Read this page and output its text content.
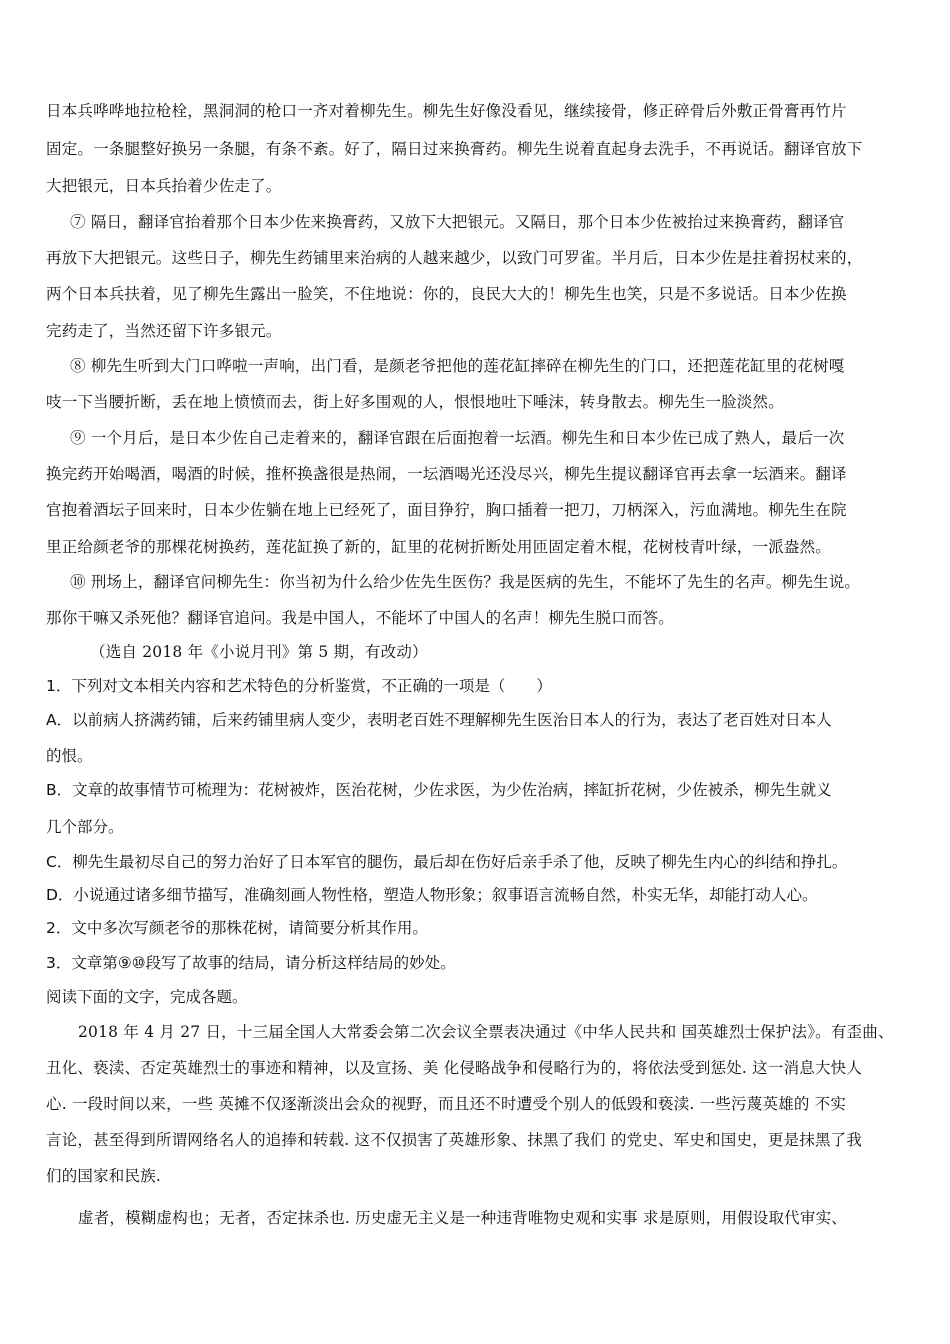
日本兵哗哗地拉枪栓，黑洞洞的枪口一齐对着柳先生。柳先生好像没看见，继续接骨，修正碎骨后外敷正骨膏再竹片
固定。一条腿整好换另一条腿，有条不紊。好了，隔日过来换膏药。柳先生说着直起身去洗手，不再说话。翻译官放下
大把银元，日本兵抬着少佐走了。
⑦ 隔日，翻译官抬着那个日本少佐来换膏药，又放下大把银元。又隔日，那个日本少佐被抬过来换膏药，翻译官
再放下大把银元。这些日子，柳先生药铺里来治病的人越来越少，以致门可罗雀。半月后，日本少佐是拄着拐杖来的，
两个日本兵扶着，见了柳先生露出一脸笑，不住地说：你的，良民大大的！柳先生也笑，只是不多说话。日本少佐换
完药走了，当然还留下许多银元。
⑧ 柳先生听到大门口哗啦一声响，出门看，是颜老爷把他的莲花缸摔碎在柳先生的门口，还把莲花缸里的花树嘎
吱一下当腰折断，丢在地上愤愤而去，街上好多围观的人，恨恨地吐下唾沫，转身散去。柳先生一脸淡然。
⑨ 一个月后，是日本少佐自己走着来的，翻译官跟在后面抱着一坛酒。柳先生和日本少佐已成了熟人，最后一次
换完药开始喝酒，喝酒的时候，推杯换盏很是热闹，一坛酒喝光还没尽兴，柳先生提议翻译官再去拿一坛酒来。翻译
官抱着酒坛子回来时，日本少佐躺在地上已经死了，面目狰狞，胸口插着一把刀，刀柄深入，污血满地。柳先生在院
里正给颜老爷的那棵花树换药，莲花缸换了新的，缸里的花树折断处用匝固定着木棍，花树枝青叶绿，一派盎然。
⑩ 刑场上，翻译官问柳先生：你当初为什么给少佐先生医伤？我是医病的先生，不能坏了先生的名声。柳先生说。
那你干嘛又杀死他？翻译官追问。我是中国人，不能坏了中国人的名声！柳先生脱口而答。
（选自 2018 年《小说月刊》第 5 期，有改动）
1．下列对文本相关内容和艺术特色的分析鉴赏，不正确的一项是（　　）
A．以前病人挤满药铺，后来药铺里病人变少，表明老百姓不理解柳先生医治日本人的行为，表达了老百姓对日本人
的恨。
B．文章的故事情节可梳理为：花树被炸，医治花树，少佐求医，为少佐治病，摔缸折花树，少佐被杀，柳先生就义
几个部分。
C．柳先生最初尽自己的努力治好了日本军官的腿伤，最后却在伤好后亲手杀了他，反映了柳先生内心的纠结和挣扎。
D．小说通过诸多细节描写，准确刻画人物性格，塑造人物形象；叙事语言流畅自然，朴实无华，却能打动人心。
2．文中多次写颜老爷的那株花树，请简要分析其作用。
3．文章第⑨⑩段写了故事的结局，请分析这样结局的妙处。
阅读下面的文字，完成各题。
2018 年 4 月 27 日，十三届全国人大常委会第二次会议全票表决通过《中华人民共和 国英雄烈士保护法》。有歪曲、
丑化、亵渎、否定英雄烈士的事迹和精神，以及宣扬、美 化侵略战争和侵略行为的，将依法受到惩处. 这一消息大快人
心. 一段时间以来，一些 英摊不仅逐渐淡出会众的视野，而且还不时遭受个别人的低毁和亵渎. 一些污蔑英雄的 不实
言论，甚至得到所谓网络名人的追捧和转载. 这不仅损害了英雄形象、抹黑了我们 的党史、军史和国史，更是抹黑了我
们的国家和民族.
虚者，模糊虚构也；无者，否定抹杀也. 历史虚无主义是一种违背唯物史观和实事 求是原则，用假设取代审实、
